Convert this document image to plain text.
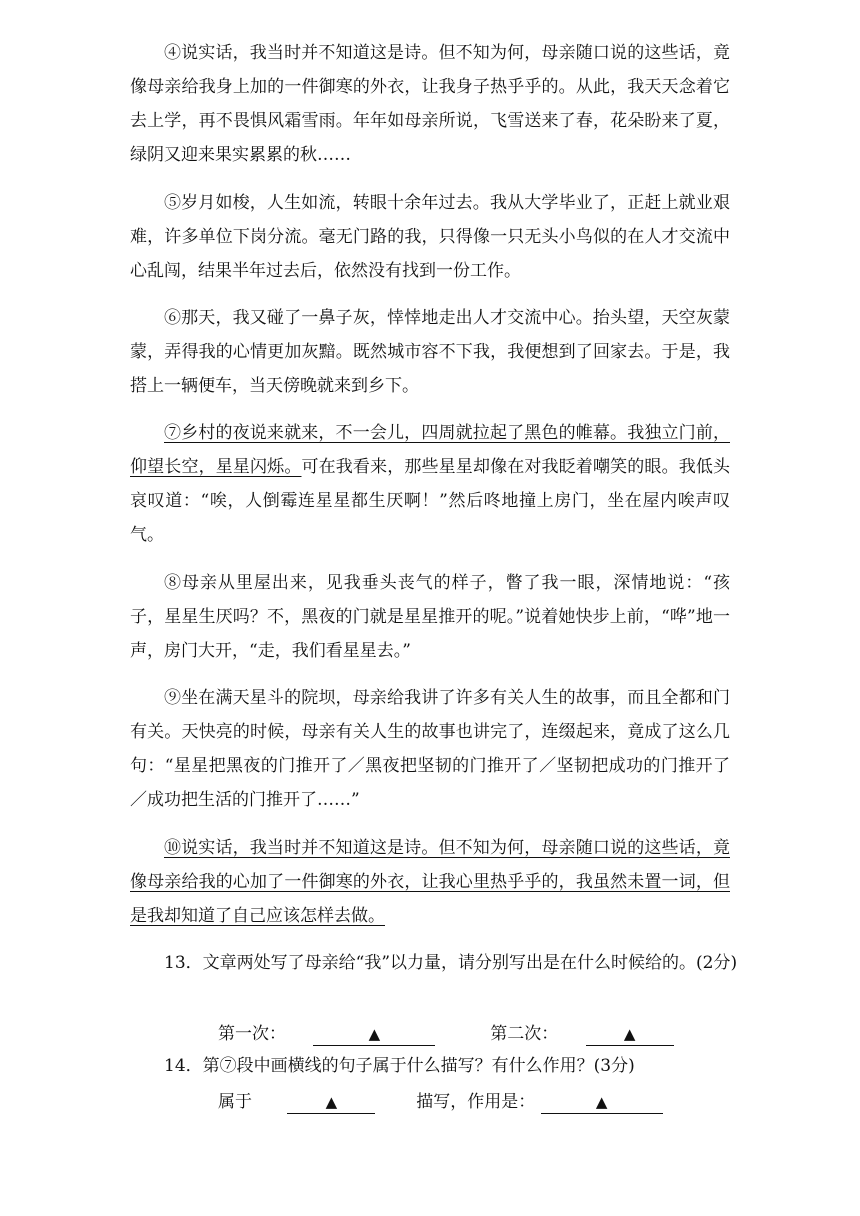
④说实话，我当时并不知道这是诗。但不知为何，母亲随口说的这些话，竟像母亲给我身上加的一件御寒的外衣，让我身子热乎乎的。从此，我天天念着它去上学，再不畏惧风霜雪雨。年年如母亲所说，飞雪送来了春，花朵盼来了夏，绿阴又迎来果实累累的秋……

⑤岁月如梭，人生如流，转眼十余年过去。我从大学毕业了，正赶上就业艰难，许多单位下岗分流。毫无门路的我，只得像一只无头小鸟似的在人才交流中心乱闯，结果半年过去后，依然没有找到一份工作。

⑥那天，我又碰了一鼻子灰，悻悻地走出人才交流中心。抬头望，天空灰蒙蒙，弄得我的心情更加灰黯。既然城市容不下我，我便想到了回家去。于是，我搭上一辆便车，当天傍晚就来到乡下。

⑦乡村的夜说来就来，不一会儿，四周就拉起了黑色的帷幕。我独立门前，仰望长空，星星闪烁。可在我看来，那些星星却像在对我眨着嘲笑的眼。我低头哀叹道：“唉，人倒霉连星星都生厌啊！”然后咚地撞上房门，坐在屋内唉声叹气。

⑧母亲从里屋出来，见我垂头丧气的样子，瞥了我一眼，深情地说：“孩子，星星生厌吗？不，黑夜的门就是星星推开的呢。”说着她快步上前，“哗”地一声，房门大开，“走，我们看星星去。”

⑨坐在满天星斗的院坝，母亲给我讲了许多有关人生的故事，而且全都和门有关。天快亮的时候，母亲有关人生的故事也讲完了，连缀起来，竟成了这么几句：“星星把黑夜的门推开了／黑夜把坚韧的门推开了／坚韧把成功的门推开了／成功把生活的门推开了……”

⑩说实话，我当时并不知道这是诗。但不知为何，母亲随口说的这些话，竟像母亲给我的心加了一件御寒的外衣，让我心里热乎乎的，我虽然未置一词，但是我却知道了自己应该怎样去做。

13．文章两处写了母亲给“我”以力量，请分别写出是在什么时候给的。(2分)

第一次：	▲	第二次：	▲

14．第⑦段中画横线的句子属于什么描写？有什么作用？(3分)

属于	▲	描写，作用是：	▲
